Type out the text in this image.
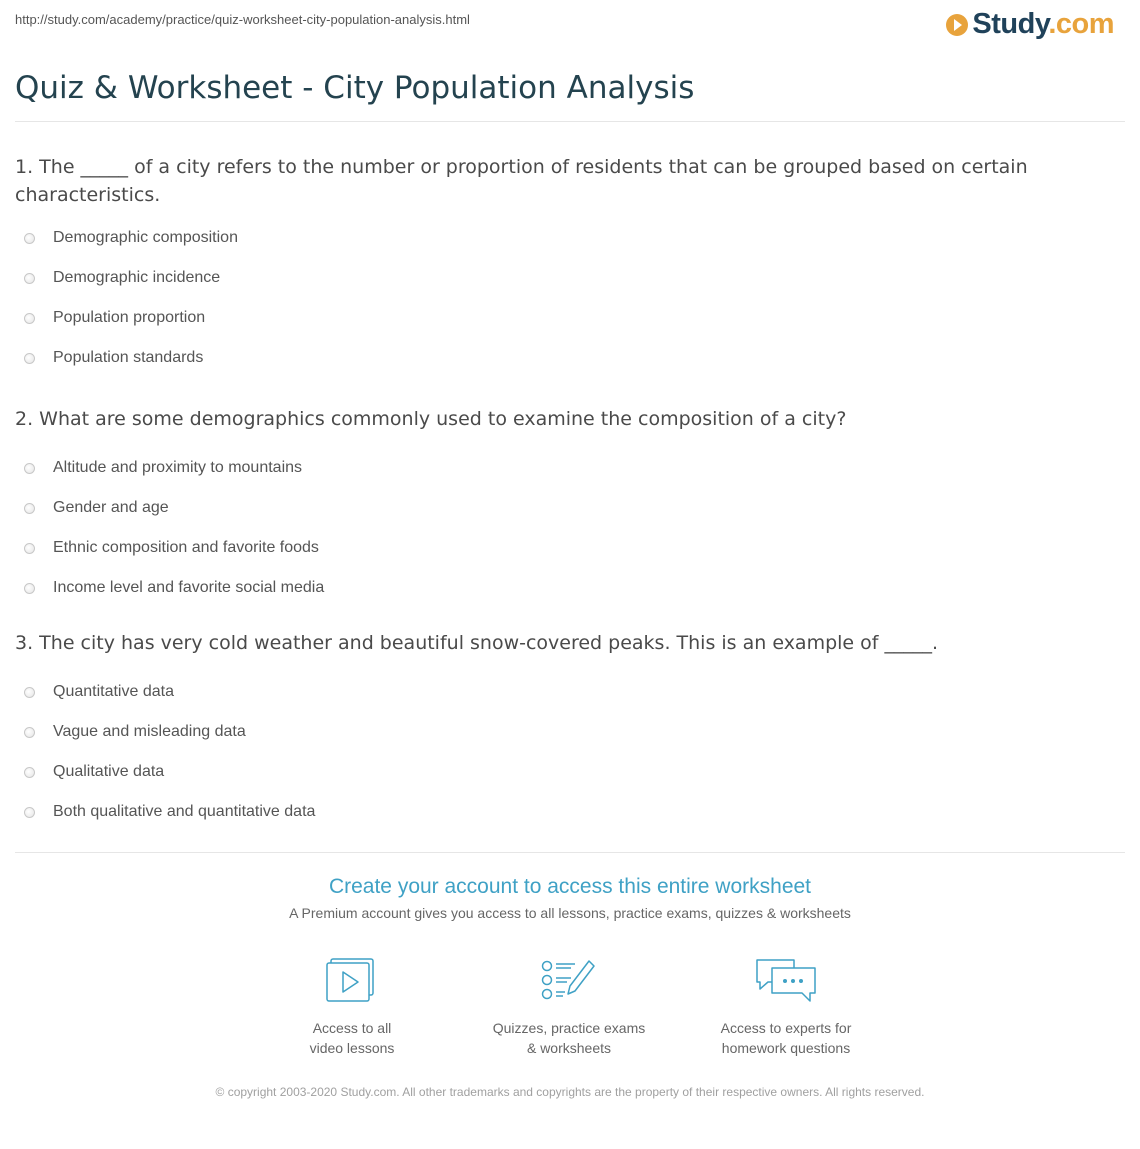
http://study.com/academy/practice/quiz-worksheet-city-population-analysis.html	Study.com
Quiz & Worksheet - City Population Analysis

1. The _____ of a city refers to the number or proportion of residents that can be grouped based on certain characteristics.

Demographic composition
Demographic incidence
Population proportion
Population standards

2. What are some demographics commonly used to examine the composition of a city?

Altitude and proximity to mountains
Gender and age
Ethnic composition and favorite foods
Income level and favorite social media

3. The city has very cold weather and beautiful snow-covered peaks. This is an example of _____.

Quantitative data
Vague and misleading data
Qualitative data
Both qualitative and quantitative data
Create your account to access this entire worksheet
A Premium account gives you access to all lessons, practice exams, quizzes & worksheets
Access to all
video lessons
Quizzes, practice exams
& worksheets
Access to experts for
homework questions
© copyright 2003-2020 Study.com. All other trademarks and copyrights are the property of their respective owners. All rights reserved.
